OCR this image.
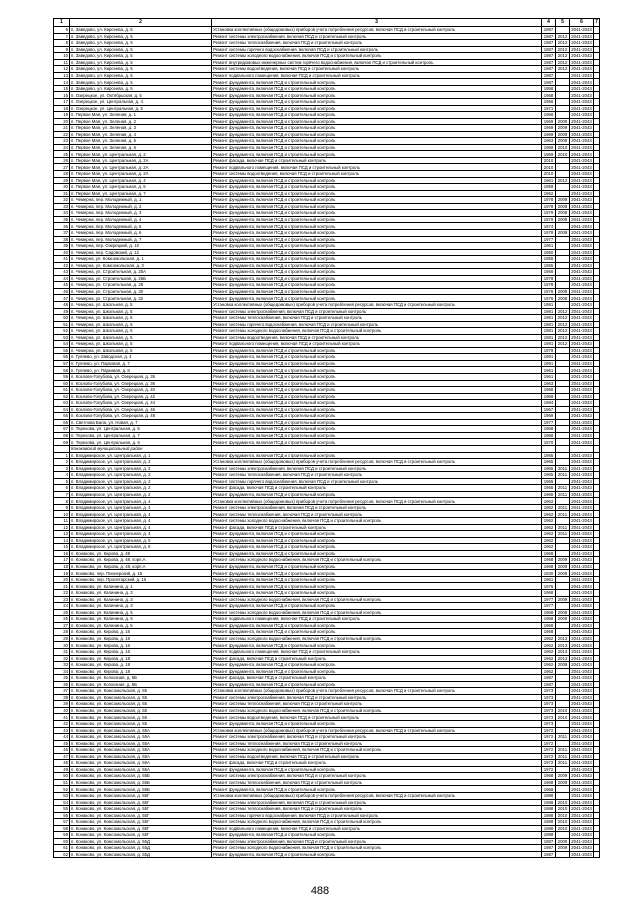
1	2	3	4	5	6	7
6	п. Заведово, ул. Кирсеева, д. 5	Установка коллективных (общедомовых) приборов учета потребления ресурсов, включая ПСД и строительный контроль	1997		2041-2043	
7	п. Заведово, ул. Кирсеева, д. 5	Ремонт системы электроснабжения, включая ПСД и строительный контроль	1987	2012	2041-2043	
8	п. Заведово, ул. Кирсеева, д. 5	Ремонт системы теплоснабжения, включая ПСД и строительный контроль	1987	2012	2041-2043	
9	п. Заведово, ул. Кирсеева, д. 5	Ремонт системы горячего водоснабжения, включая ПСД и строительный контроль	1987	2012	2041-2043	
10	п. Заведово, ул. Кирсеева, д. 5	Ремонт системы холодного водоснабжения, включая ПСД и строительный контроль	1987	2012	2041-2043	
11	п. Заведово, ул. Кирсеева, д. 5	Ремонт внутридомовых инженерных систем горячего водоснабжения, включая ПСД и строительный контроль	1987	2012	2041-2043	
12	п. Заведово, ул. Кирсеева, д. 5	Ремонт системы водоотведения, включая ПСД и строительный контроль	1987	2012	2041-2043	
13	п. Заведово, ул. Кирсеева, д. 5	Ремонт подвального помещения, включая ПСД и строительный контроль	1987		2041-2043	
14	п. Заведово, ул. Кирсеева, д. 5	Ремонт фундамента, включая ПСД и строительный контроль	1987		2041-2043	
15	п. Заведово, ул. Кирсеева, д. 5	Ремонт фундамента, включая ПСД и строительный контроль	1958		2041-2043	
16	п. Озерецкое, ул. Октябрьская, д. 5	Ремонт фундамента, включая ПСД и строительный контроль	1958		2041-2043	
17	п. Озерецкое, ул. Центральная, д. 4	Ремонт фундамента, включая ПСД и строительный контроль	1966		2041-2043	
18	п. Озерецкое, ул. Центральная, д. 5	Ремонт фундамента, включая ПСД и строительный контроль	1971		2041-2043	
19	п. Первое Мая, ул. Зеленая, д. 1	Ремонт фундамента, включая ПСД и строительный контроль	1966		2041-2043	
20	п. Первое Мая, ул. Зеленая, д. 2	Ремонт фундамента, включая ПСД и строительный контроль	1969	2009	2041-2043	
21	п. Первое Мая, ул. Зеленая, д. 3	Ремонт фундамента, включая ПСД и строительный контроль	1969	2009	2041-2043	
22	п. Первое Мая, ул. Зеленая, д. 4	Ремонт фундамента, включая ПСД и строительный контроль	1969	2009	2041-2043	
23	п. Первое Мая, ул. Зеленая, д. 5	Ремонт фундамента, включая ПСД и строительный контроль	1963	2009	2041-2043	
24	п. Первое Мая, ул. Зеленая, д. 6	Ремонт фундамента, включая ПСД и строительный контроль	1969	2010	2041-2043	
25	п. Первое Мая, ул. Центральная, д. 2	Ремонт фундамента, включая ПСД и строительный контроль	1969	2010	2041-2043	
26	п. Первое Мая, ул. Центральная, д. 2А	Ремонт фасада, включая ПСД и строительный контроль	2010		2041-2043	
27	п. Первое Мая, ул. Центральная, д. 2А	Ремонт подвального помещения, включая ПСД и строительный контроль	2010		2041-2043	
28	п. Первое Мая, ул. Центральная, д. 2А	Ремонт системы водоотведения, включая ПСД и строительный контроль	2010		2041-2043	
29	п. Первое Мая, ул. Центральная, д. 4	Ремонт фундамента, включая ПСД и строительный контроль	1961	2012	2041-2043	
30	п. Первое Мая, ул. Центральная, д. 5	Ремонт фундамента, включая ПСД и строительный контроль	1959		2041-2043	
31	п. Первое Мая, ул. Центральная, д. 7	Ремонт фундамента, включая ПСД и строительный контроль	1962		2041-2043	
32	п. Чемерна, пер. Молодежный, д. 1	Ремонт фундамента, включая ПСД и строительный контроль	1978	2008	2041-2043	
33	п. Чемерна, пер. Молодежный, д. 2	Ремонт фундамента, включая ПСД и строительный контроль	1978	2008	2041-2043	
34	п. Чемерна, пер. Молодежный, д. 3	Ремонт фундамента, включая ПСД и строительный контроль	1979	2008	2041-2043	
35	п. Чемерна, пер. Молодежный, д. 4	Ремонт фундамента, включая ПСД и строительный контроль	1979	2008	2041-2043	
36	п. Чемерна, пер. Молодежный, д. 5	Ремонт фундамента, включая ПСД и строительный контроль	1974		2041-2043	
37	п. Чемерна, пер. Молодежный, д. 6	Ремонт фундамента, включая ПСД и строительный контроль	1978	2008	2041-2043	
38	п. Чемерна, пер. Молодежный, д. 7	Ремонт фундамента, включая ПСД и строительный контроль	1977		2041-2043	
39	п. Чемерна, пер. Озерецкий, д. 10	Ремонт фундамента, включая ПСД и строительный контроль	1961		2041-2043	
40	п. Чемерна, пер. Садовский, д. 12	Ремонт фундамента, включая ПСД и строительный контроль	1950		2041-2043	
41	п. Чемерна, ул. Комсомольская, д. 1	Ремонт фундамента, включая ПСД и строительный контроль	1955		2041-2043	
42	п. Чемерна, ул. Комсомольская, д. 3	Ремонт фундамента, включая ПСД и строительный контроль	1955		2041-2043	
43	п. Чемерна, ул. Строительная, д. 25А	Ремонт фундамента, включая ПСД и строительный контроль	1956		2041-2043	
44	п. Чемерна, ул. Строительная, д. 25Б	Ремонт фундамента, включая ПСД и строительный контроль	1978		2041-2043	
45	п. Чемерна, ул. Строительная, д. 28	Ремонт фундамента, включая ПСД и строительный контроль	1978		2041-2043	
46	п. Чемерна, ул. Строительная, д. 30	Ремонт фундамента, включая ПСД и строительный контроль	1976	2008	2041-2043	
47	п. Чемерна, ул. Строительная, д. 32	Ремонт фундамента, включая ПСД и строительный контроль	1976	2008	2041-2043	
48	п. Чемерна, ул. Школьная, д. 5	Установка коллективных (общедомовых) приборов учета потребления ресурсов, включая ПСД и строительный контроль	1981		2041-2043	
49	п. Чемерна, ул. Школьная, д. 5	Ремонт системы электроснабжения, включая ПСД и строительный контроль	1981	2012	2041-2043	
50	п. Чемерна, ул. Школьная, д. 5	Ремонт системы теплоснабжения, включая ПСД и строительный контроль	1981	2012	2041-2043	
51	п. Чемерна, ул. Школьная, д. 5	Ремонт системы горячего водоснабжения, включая ПСД и строительный контроль	1981	2012	2041-2043	
52	п. Чемерна, ул. Школьная, д. 5	Ремонт системы холодного водоснабжения, включая ПСД и строительный контроль	1981	2012	2041-2043	
53	п. Чемерна, ул. Школьная, д. 5	Ремонт системы водоотведения, включая ПСД и строительный контроль	1981	2012	2041-2043	
54	п. Чемерна, ул. Школьная, д. 5	Ремонт подвального помещения, включая ПСД и строительный контроль	1981	2012	2041-2043	
55	п. Чемерна, ул. Школьная, д. 5	Ремонт фундамента, включая ПСД и строительный контроль	1978		2041-2043	
56	п. Гуляево, ул. Заводская, д. 4	Ремонт фундамента, включая ПСД и строительный контроль	1991		2041-2043	
57	п. Гуляево, ул. Парковая, д. 7	Ремонт фундамента, включая ПСД и строительный контроль	1991		2041-2043	
58	п. Гуляево, ул. Парковая, д. 8	Ремонт фундамента, включая ПСД и строительный контроль	1961		2041-2043	
59	п. Козлово-Голубова, ул. Озерецкая, д. 35	Ремонт фундамента, включая ПСД и строительный контроль	1961		2041-2043	
60	п. Козлово-Голубова, ул. Озерецкая, д. 36	Ремонт фундамента, включая ПСД и строительный контроль	1963		2041-2043	
61	п. Козлово-Голубова, ул. Озерецкая, д. 40	Ремонт фундамента, включая ПСД и строительный контроль	1968		2041-2043	
62	п. Козлово-Голубова, ул. Озерецкая, д. 42	Ремонт фундамента, включая ПСД и строительный контроль	1969		2041-2043	
63	п. Козлово-Голубова, ул. Озерецкая, д. 44	Ремонт фундамента, включая ПСД и строительный контроль	1984		2041-2043	
64	п. Козлово-Голубова, ул. Озерецкая, д. 46	Ремонт фундамента, включая ПСД и строительный контроль	1967		2041-2043	
65	п. Козлово-Голубова, ул. Озерецкая, д. 48	Ремонт фундамента, включая ПСД и строительный контроль	1969		2041-2043	
66	п. Светлова Бала, ул. Новая, д. 7	Ремонт фундамента, включая ПСД и строительный контроль	1977		2041-2043	
67	п. Терехова, ул. Центральная, д. 5	Ремонт фундамента, включая ПСД и строительный контроль	1968		2041-2043	
68	п. Терехова, ул. Центральная, д. 7	Ремонт фундамента, включая ПСД и строительный контроль	1968		2041-2043	
69	п. Терехова, ул. Центральная, д. 9	Ремонт фундамента, включая ПСД и строительный контроль	1970		2041-2043	
	Конаковский муниципальный район					
1	п. Владимирское, ул. Центральная, д. 1	Ремонт фундамента, включая ПСД и строительный контроль	1965		2041-2043	
2	п. Владимирское, ул. Центральная, д. 2	Установка коллективных (общедомовых) приборов учета потребления ресурсов, включая ПСД и строительный контроль	1965		2041-2043	
3	п. Владимирское, ул. Центральная, д. 2	Ремонт системы электроснабжения, включая ПСД и строительный контроль	1965	2011	2041-2043	
4	п. Владимирское, ул. Центральная, д. 2	Ремонт системы теплоснабжения, включая ПСД и строительный контроль	1965	2011	2041-2043	
5	п. Владимирское, ул. Центральная, д. 2	Ремонт системы горячего водоснабжения, включая ПСД и строительный контроль	1965		2041-2043	
6	п. Владимирское, ул. Центральная, д. 2	Ремонт фасада, включая ПСД и строительный контроль	1965	2011	2041-2043	
7	п. Владимирское, ул. Центральная, д. 2	Ремонт фундамента, включая ПСД и строительный контроль	1965	2011	2041-2043	
8	п. Владимирское, ул. Центральная, д. 4	Установка коллективных (общедомовых) приборов учета потребления ресурсов, включая ПСД и строительный контроль	1962		2041-2043	
9	п. Владимирское, ул. Центральная, д. 4	Ремонт системы электроснабжения, включая ПСД и строительный контроль	1962	2011	2041-2043	
10	п. Владимирское, ул. Центральная, д. 4	Ремонт системы теплоснабжения, включая ПСД и строительный контроль	1962	2011	2041-2043	
11	п. Владимирское, ул. Центральная, д. 4	Ремонт системы холодного водоснабжения, включая ПСД и строительный контроль	1962		2041-2043	
12	п. Владимирское, ул. Центральная, д. 4	Ремонт фасада, включая ПСД и строительный контроль	1962	2011	2041-2043	
13	п. Владимирское, ул. Центральная, д. 4	Ремонт фундамента, включая ПСД и строительный контроль	1962	2011	2041-2043	
14	п. Владимирское, ул. Центральная, д. 5	Ремонт фундамента, включая ПСД и строительный контроль	1962		2041-2043	
15	п. Владимирское, ул. Центральная, д. 6	Ремонт фундамента, включая ПСД и строительный контроль	1962		2041-2043	
16	п. Конаково, ул. Кирова, д. 48	Ремонт фундамента, включая ПСД и строительный контроль	1968		2041-2043	
17	п. Конаково, ул. Кирова, д. 48, корп.А	Ремонт системы холодного водоснабжения, включая ПСД и строительный контроль	1968	2009	2041-2043	
18	п. Конаково, ул. Кирова, д. 48, корп.А	Ремонт фундамента, включая ПСД и строительный контроль	1968	2009	2041-2043	
19	п. Конаково, пер. Пионерский, д. 15	Ремонт фундамента, включая ПСД и строительный контроль	1930	2009	2041-2043	
20	п. Конаково, пер. Пролетарский, д. 16	Ремонт фундамента, включая ПСД и строительный контроль	1961		2041-2043	
21	п. Конаково, ул. Калинина, д. 1	Ремонт фундамента, включая ПСД и строительный контроль	1976		2041-2043	
22	п. Конаково, ул. Калинина, д. 3	Ремонт фундамента, включая ПСД и строительный контроль	1968		2041-2043	
23	п. Конаково, ул. Калинина, д. 3	Ремонт системы холодного водоснабжения, включая ПСД и строительный контроль	1977	2009	2041-2043	
24	п. Конаково, ул. Калинина, д. 3	Ремонт фундамента, включая ПСД и строительный контроль	1977		2041-2043	
25	п. Конаково, ул. Калинина, д. 5	Ремонт системы холодного водоснабжения, включая ПСД и строительный контроль	1968	2009	2041-2043	
26	п. Конаково, ул. Калинина, д. 5	Ремонт подвального помещения, включая ПСД и строительный контроль	1968	2009	2041-2043	
27	п. Конаково, ул. Калинина, д. 5	Ремонт фундамента, включая ПСД и строительный контроль	1968		2041-2043	
28	п. Конаково, ул. Кирова, д. 16	Ремонт фундамента, включая ПСД и строительный контроль	1968		2041-2043	
29	п. Конаково, ул. Кирова, д. 16	Ремонт системы холодного водоснабжения, включая ПСД и строительный контроль	1962	2013	2041-2043	
30	п. Конаково, ул. Кирова, д. 16	Ремонт фундамента, включая ПСД и строительный контроль	1962	2013	2041-2043	
31	п. Конаково, ул. Кирова, д. 16	Ремонт подвального помещения, включая ПСД и строительный контроль	1962	2013	2041-2043	
32	п. Конаково, ул. Кирова, д. 18	Ремонт фасада, включая ПСД и строительный контроль	1962	2013	2041-2043	
33	п. Конаково, ул. Кирова, д. 18	Ремонт фундамента, включая ПСД и строительный контроль	1962	2008	2041-2043	
34	п. Конаково, ул. Кирова, д. 18	Ремонт фундамента, включая ПСД и строительный контроль	1962		2041-2043	
35	п. Конаково, ул. Колхозная, д. 5Б	Ремонт фасада, включая ПСД и строительный контроль	1987		2041-2043	
36	п. Конаково, ул. Колхозная, д. 5Б	Ремонт фундамента, включая ПСД и строительный контроль	1987		2041-2043	
37	п. Конаково, ул. Комсомольская, д. 55	Установка коллективных (общедомовых) приборов учета потребления ресурсов, включая ПСД и строительный контроль	1973		2041-2043	
38	п. Конаково, ул. Комсомольская, д. 55	Ремонт системы электроснабжения, включая ПСД и строительный контроль	1973		2041-2043	
39	п. Конаково, ул. Комсомольская, д. 55	Ремонт системы теплоснабжения, включая ПСД и строительный контроль	1973		2041-2043	
40	п. Конаково, ул. Комсомольская, д. 55	Ремонт системы холодного водоснабжения, включая ПСД и строительный контроль	1973	2010	2041-2043	
41	п. Конаково, ул. Комсомольская, д. 55	Ремонт системы водоотведения, включая ПСД и строительный контроль	1973	2010	2041-2043	
42	п. Конаково, ул. Комсомольская, д. 55	Ремонт фундамента, включая ПСД и строительный контроль	1973		2041-2043	
43	п. Конаково, ул. Комсомольская, д. 55А	Установка коллективных (общедомовых) приборов учета потребления ресурсов, включая ПСД и строительный контроль	1972		2041-2043	
44	п. Конаково, ул. Комсомольская, д. 55А	Ремонт системы электроснабжения, включая ПСД и строительный контроль	1972	2011	2041-2043	
45	п. Конаково, ул. Комсомольская, д. 55А	Ремонт системы теплоснабжения, включая ПСД и строительный контроль	1972		2041-2043	
46	п. Конаково, ул. Комсомольская, д. 55А	Ремонт системы холодного водоснабжения, включая ПСД и строительный контроль	1972	2011	2041-2043	
47	п. Конаково, ул. Комсомольская, д. 55А	Ремонт системы водоотведения, включая ПСД и строительный контроль	1972	2011	2041-2043	
48	п. Конаково, ул. Комсомольская, д. 55А	Ремонт фасада, включая ПСД и строительный контроль	1972	2011	2041-2043	
49	п. Конаково, ул. Комсомольская, д. 55А	Ремонт фундамента, включая ПСД и строительный контроль	1972		2041-2043	
50	п. Конаково, ул. Комсомольская, д. 55Б	Ремонт системы электроснабжения, включая ПСД и строительный контроль	1968	2009	2041-2043	
51	п. Конаково, ул. Комсомольская, д. 55Б	Ремонт системы теплоснабжения, включая ПСД и строительный контроль	1968	2009	2041-2043	
52	п. Конаково, ул. Комсомольская, д. 55Б	Ремонт фундамента, включая ПСД и строительный контроль	1968		2041-2043	
53	п. Конаково, ул. Комсомольская, д. 55Г	Установка коллективных (общедомовых) приборов учета потребления ресурсов, включая ПСД и строительный контроль	1988		2041-2043	
54	п. Конаково, ул. Комсомольская, д. 55Г	Ремонт системы электроснабжения, включая ПСД и строительный контроль	1988	2010	2041-2043	
55	п. Конаково, ул. Комсомольская, д. 55Г	Ремонт системы теплоснабжения, включая ПСД и строительный контроль	1988	2010	2041-2043	
56	п. Конаково, ул. Комсомольская, д. 55Г	Ремонт системы горячего водоснабжения, включая ПСД и строительный контроль	1988	2010	2041-2043	
57	п. Конаково, ул. Комсомольская, д. 55Г	Ремонт системы холодного водоснабжения, включая ПСД и строительный контроль	1988	2010	2041-2043	
58	п. Конаково, ул. Комсомольская, д. 55Г	Ремонт подвального помещения, включая ПСД и строительный контроль	1988	2010	2041-2043	
59	п. Конаково, ул. Комсомольская, д. 55Г	Ремонт фундамента, включая ПСД и строительный контроль	1988		2041-2043	
60	п. Конаково, ул. Комсомольская, д. 55Д	Ремонт системы электроснабжения, включая ПСД и строительный контроль	1987	2009	2041-2043	
61	п. Конаково, ул. Комсомольская, д. 55Д	Ремонт системы холодного водоснабжения, включая ПСД и строительный контроль	1987	2009	2041-2043	
62	п. Конаково, ул. Комсомольская, д. 55Д	Ремонт фундамента, включая ПСД и строительный контроль	1987		2041-2043	
488
